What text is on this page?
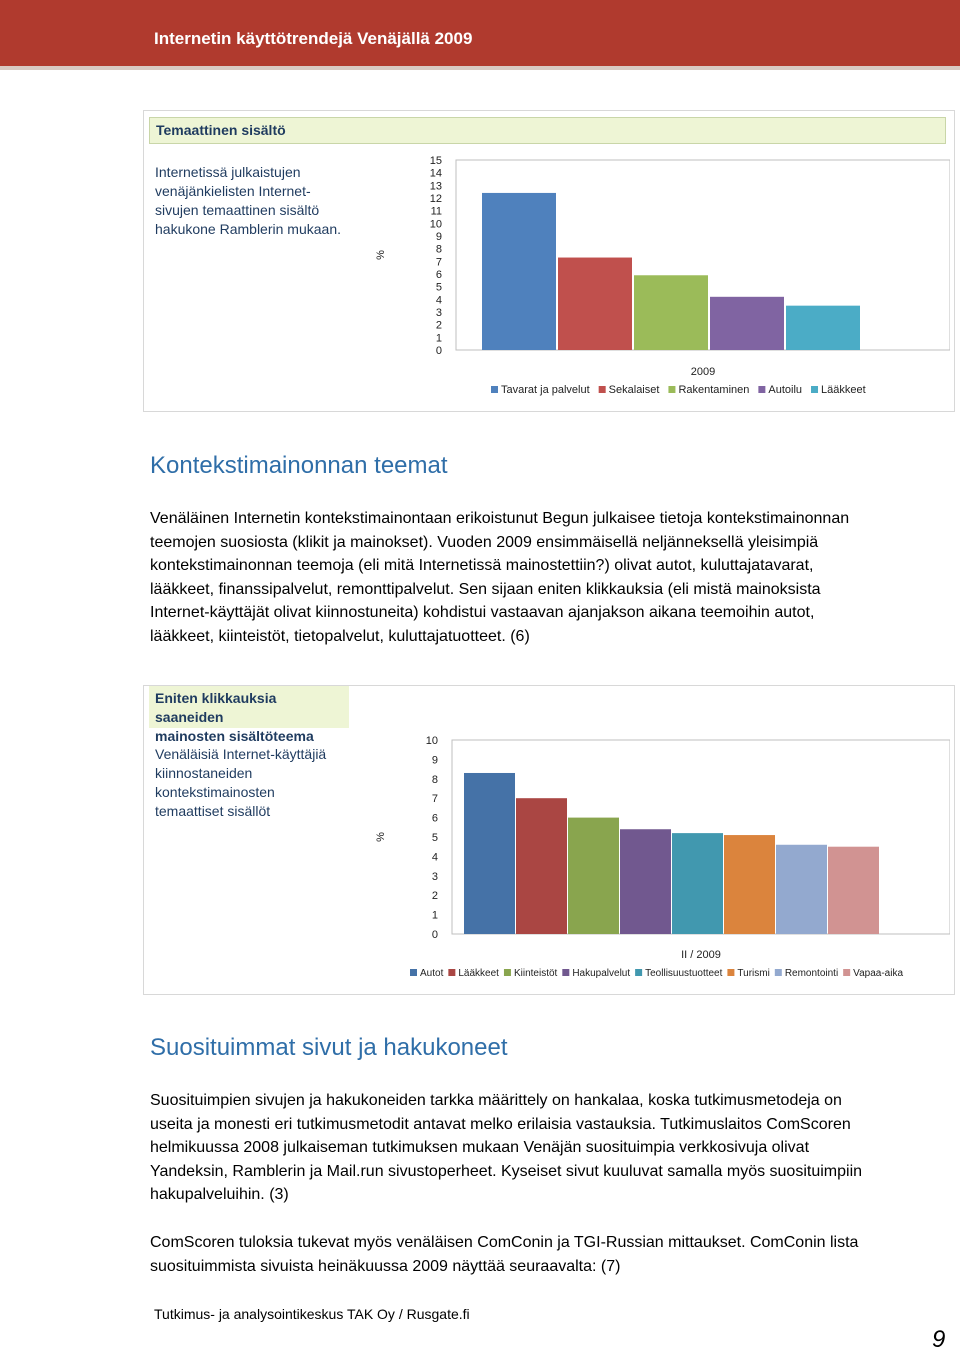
Internetin käyttötrendejä Venäjällä 2009
Temaattinen sisältö
Internetissä julkaistujen
venäjänkielisten Internet-
sivujen temaattinen sisältö
hakukone Ramblerin mukaan.
0
1
2
3
4
5
6
7
8
9
10
11
12
13
14
15
%
2009
Tavarat ja palvelut Sekalaiset Rakentaminen Autoilu Lääkkeet
Kontekstimainonnan teemat
Venäläinen Internetin kontekstimainontaan erikoistunut Begun julkaisee tietoja kontekstimainonnan
teemojen suosiosta (klikit ja mainokset). Vuoden 2009 ensimmäisellä neljänneksellä yleisimpiä
kontekstimainonnan teemoja (eli mitä Internetissä mainostettiin?) olivat autot, kuluttajatavarat,
lääkkeet, finanssipalvelut, remonttipalvelut. Sen sijaan eniten klikkauksia (eli mistä mainoksista
Internet-käyttäjät olivat kiinnostuneita) kohdistui vastaavan ajanjakson aikana teemoihin autot,
lääkkeet, kiinteistöt, tietopalvelut, kuluttajatuotteet. (6)
Eniten klikkauksia saaneiden
mainosten sisältöteema
Venäläisiä Internet-käyttäjiä
kiinnostaneiden
kontekstimainosten
temaattiset sisällöt
0
1
2
3
4
5
6
7
8
9
10
%
II / 2009
Autot Lääkkeet Kiinteistöt Hakupalvelut Teollisuustuotteet Turismi Remontointi Vapaa-aika
Suosituimmat sivut ja hakukoneet
Suosituimpien sivujen ja hakukoneiden tarkka määrittely on hankalaa, koska tutkimusmetodeja on
useita ja monesti eri tutkimusmetodit antavat melko erilaisia vastauksia. Tutkimuslaitos ComScoren
helmikuussa 2008 julkaiseman tutkimuksen mukaan Venäjän suosituimpia verkkosivuja olivat
Yandeksin, Ramblerin ja Mail.run sivustoperheet. Kyseiset sivut kuuluvat samalla myös suosituimpiin
hakupalveluihin. (3)
ComScoren tuloksia tukevat myös venäläisen ComConin ja TGI-Russian mittaukset. ComConin lista
suosituimmista sivuista heinäkuussa 2009 näyttää seuraavalta: (7)
Tutkimus- ja analysointikeskus TAK Oy / Rusgate.fi
9
